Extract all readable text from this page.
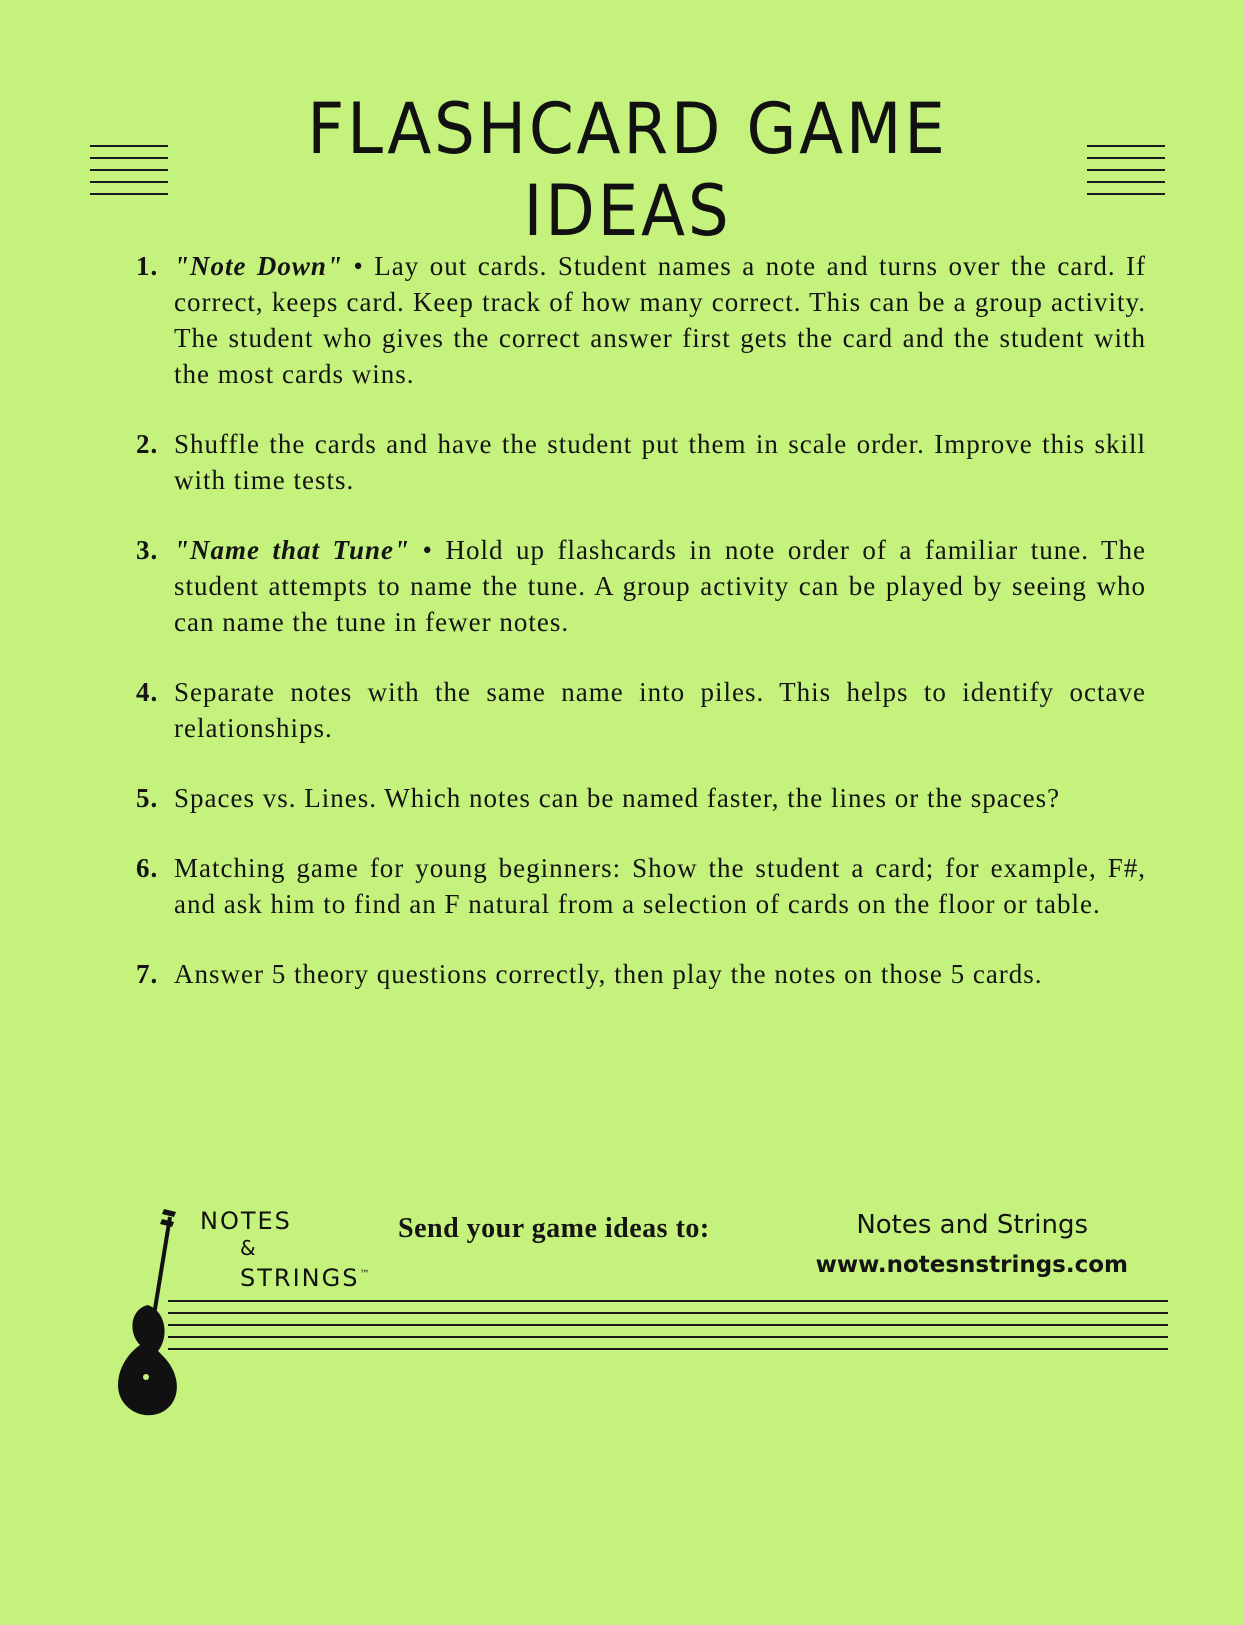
FLASHCARD GAME IDEAS
1. "Note Down" • Lay out cards. Student names a note and turns over the card. If correct, keeps card. Keep track of how many correct. This can be a group activity. The student who gives the correct answer first gets the card and the student with the most cards wins.
2. Shuffle the cards and have the student put them in scale order. Improve this skill with time tests.
3. "Name that Tune" • Hold up flashcards in note order of a familiar tune. The student attempts to name the tune. A group activity can be played by seeing who can name the tune in fewer notes.
4. Separate notes with the same name into piles. This helps to identify octave relationships.
5. Spaces vs. Lines. Which notes can be named faster, the lines or the spaces?
6. Matching game for young beginners: Show the student a card; for example, F#, and ask him to find an F natural from a selection of cards on the floor or table.
7. Answer 5 theory questions correctly, then play the notes on those 5 cards.
NOTES
&
STRINGS™
Send your game ideas to:	Notes and Strings
www.notesnstrings.com
